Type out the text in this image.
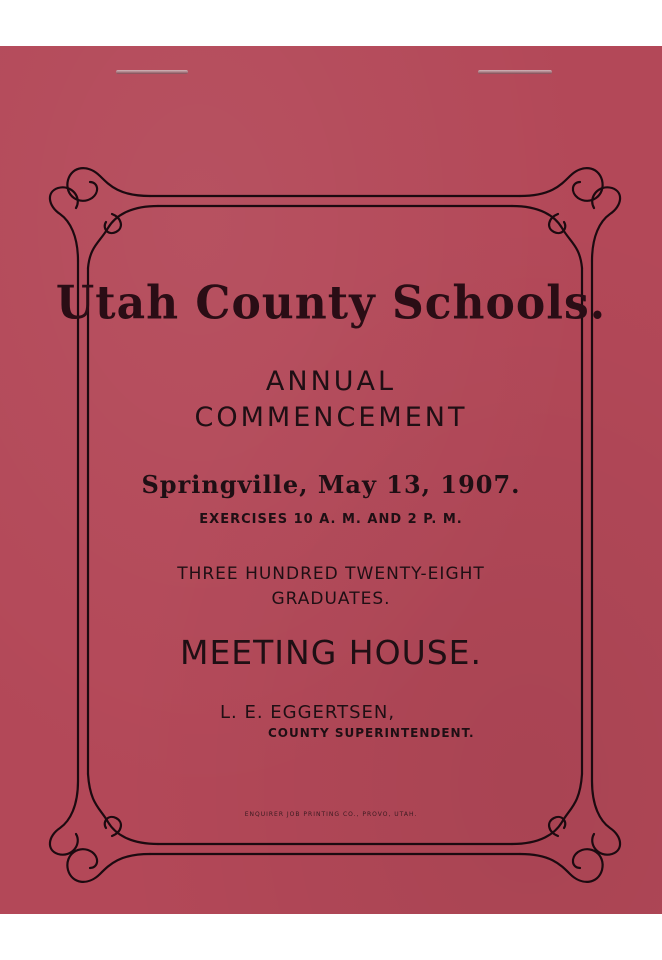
Utah County Schools.
ANNUAL
COMMENCEMENT
Springville, May 13, 1907.
EXERCISES 10 A. M. AND 2 P. M.
THREE HUNDRED TWENTY-EIGHT
GRADUATES.
MEETING HOUSE.
L. E. EGGERTSEN,
COUNTY SUPERINTENDENT.
ENQUIRER JOB PRINTING CO., PROVO, UTAH.
